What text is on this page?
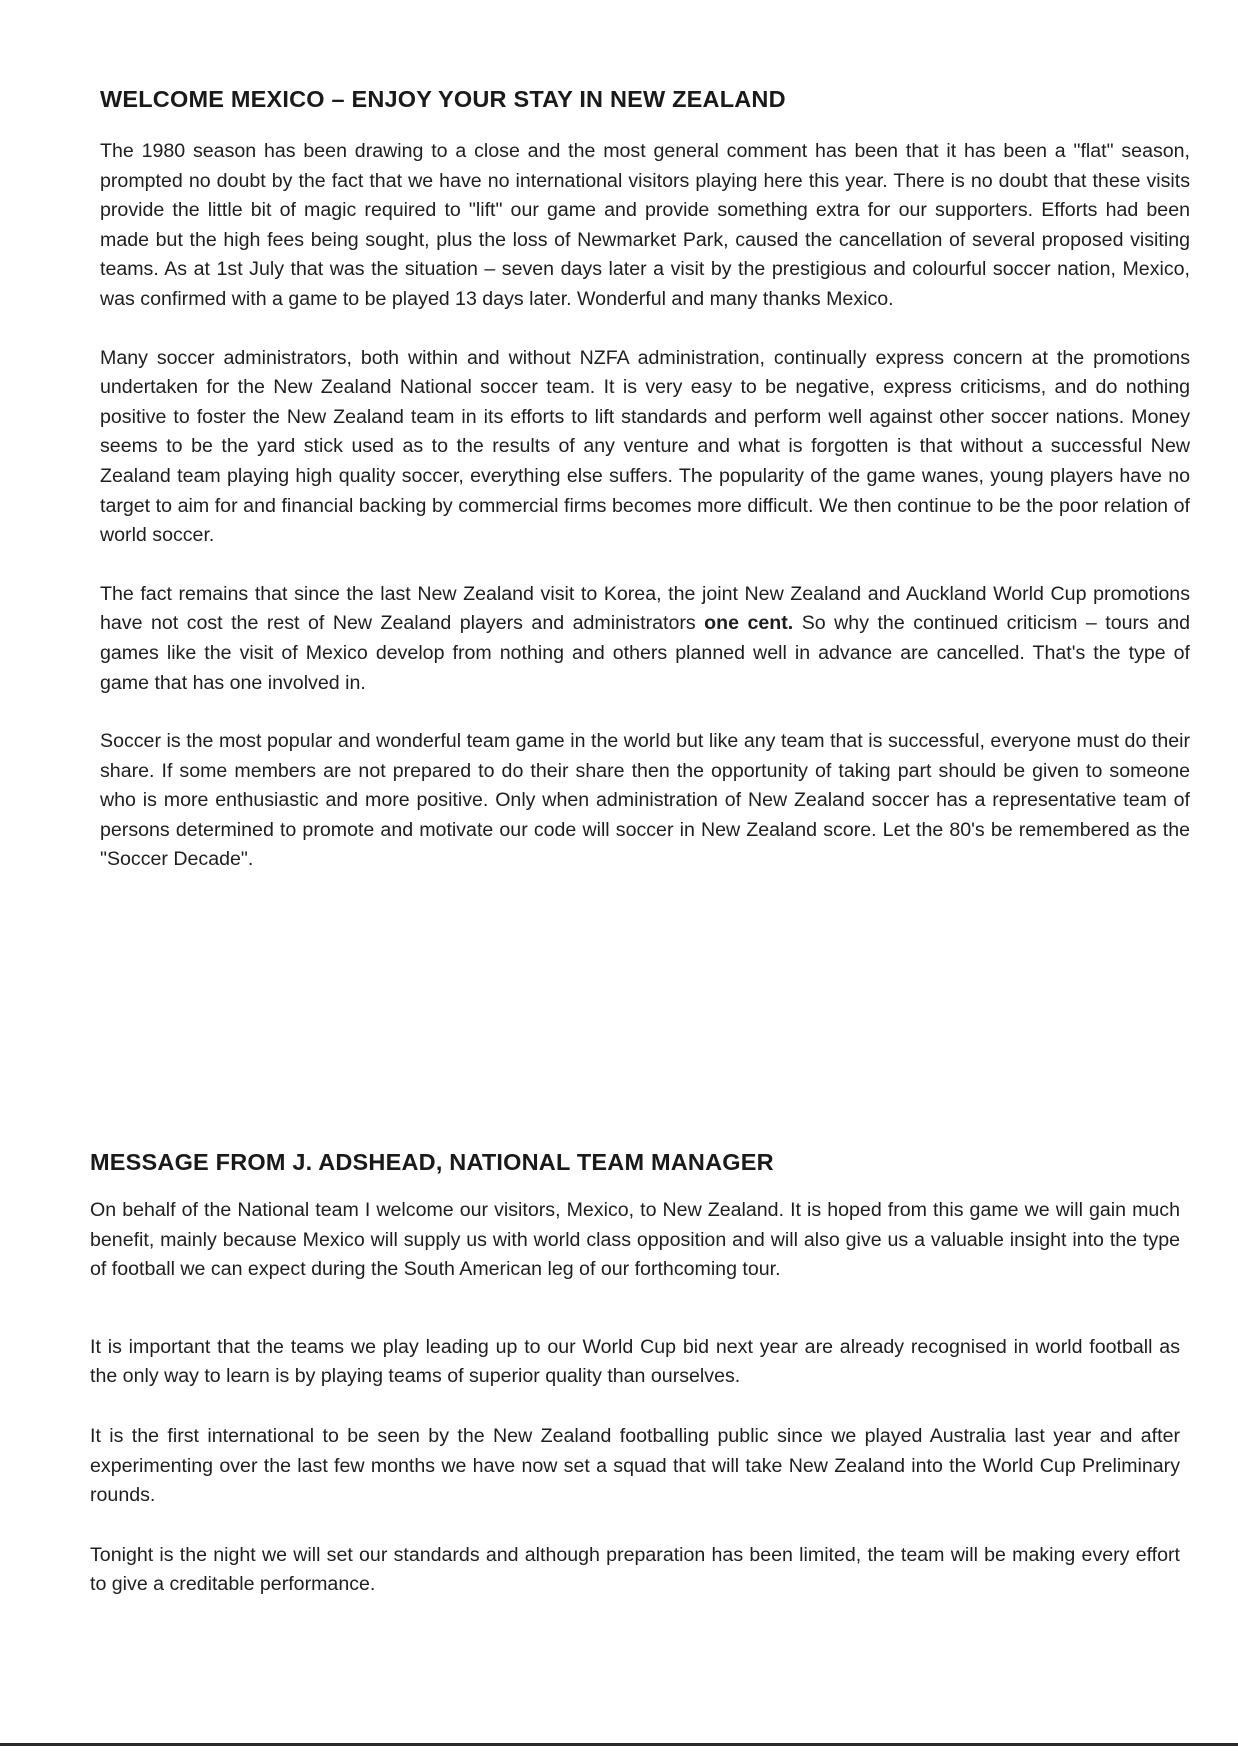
WELCOME MEXICO – ENJOY YOUR STAY IN NEW ZEALAND

The 1980 season has been drawing to a close and the most general comment has been that it has been a "flat" season, prompted no doubt by the fact that we have no international visitors playing here this year. There is no doubt that these visits provide the little bit of magic required to "lift" our game and provide something extra for our supporters. Efforts had been made but the high fees being sought, plus the loss of Newmarket Park, caused the cancellation of several proposed visiting teams. As at 1st July that was the situation – seven days later a visit by the prestigious and colourful soccer nation, Mexico, was confirmed with a game to be played 13 days later. Wonderful and many thanks Mexico.

Many soccer administrators, both within and without NZFA administration, continually express concern at the promotions undertaken for the New Zealand National soccer team. It is very easy to be negative, express criticisms, and do nothing positive to foster the New Zealand team in its efforts to lift standards and perform well against other soccer nations. Money seems to be the yard stick used as to the results of any venture and what is forgotten is that without a successful New Zealand team playing high quality soccer, everything else suffers. The popularity of the game wanes, young players have no target to aim for and financial backing by commercial firms becomes more difficult. We then continue to be the poor relation of world soccer.

The fact remains that since the last New Zealand visit to Korea, the joint New Zealand and Auckland World Cup promotions have not cost the rest of New Zealand players and administrators one cent. So why the continued criticism – tours and games like the visit of Mexico develop from nothing and others planned well in advance are cancelled. That's the type of game that has one involved in.

Soccer is the most popular and wonderful team game in the world but like any team that is successful, everyone must do their share. If some members are not prepared to do their share then the opportunity of taking part should be given to someone who is more enthusiastic and more positive. Only when administration of New Zealand soccer has a representative team of persons determined to promote and motivate our code will soccer in New Zealand score. Let the 80's be remembered as the "Soccer Decade".

MESSAGE FROM J. ADSHEAD, NATIONAL TEAM MANAGER

On behalf of the National team I welcome our visitors, Mexico, to New Zealand. It is hoped from this game we will gain much benefit, mainly because Mexico will supply us with world class opposition and will also give us a valuable insight into the type of football we can expect during the South American leg of our forthcoming tour.

It is important that the teams we play leading up to our World Cup bid next year are already recognised in world football as the only way to learn is by playing teams of superior quality than ourselves.

It is the first international to be seen by the New Zealand footballing public since we played Australia last year and after experimenting over the last few months we have now set a squad that will take New Zealand into the World Cup Preliminary rounds.

Tonight is the night we will set our standards and although preparation has been limited, the team will be making every effort to give a creditable performance.
